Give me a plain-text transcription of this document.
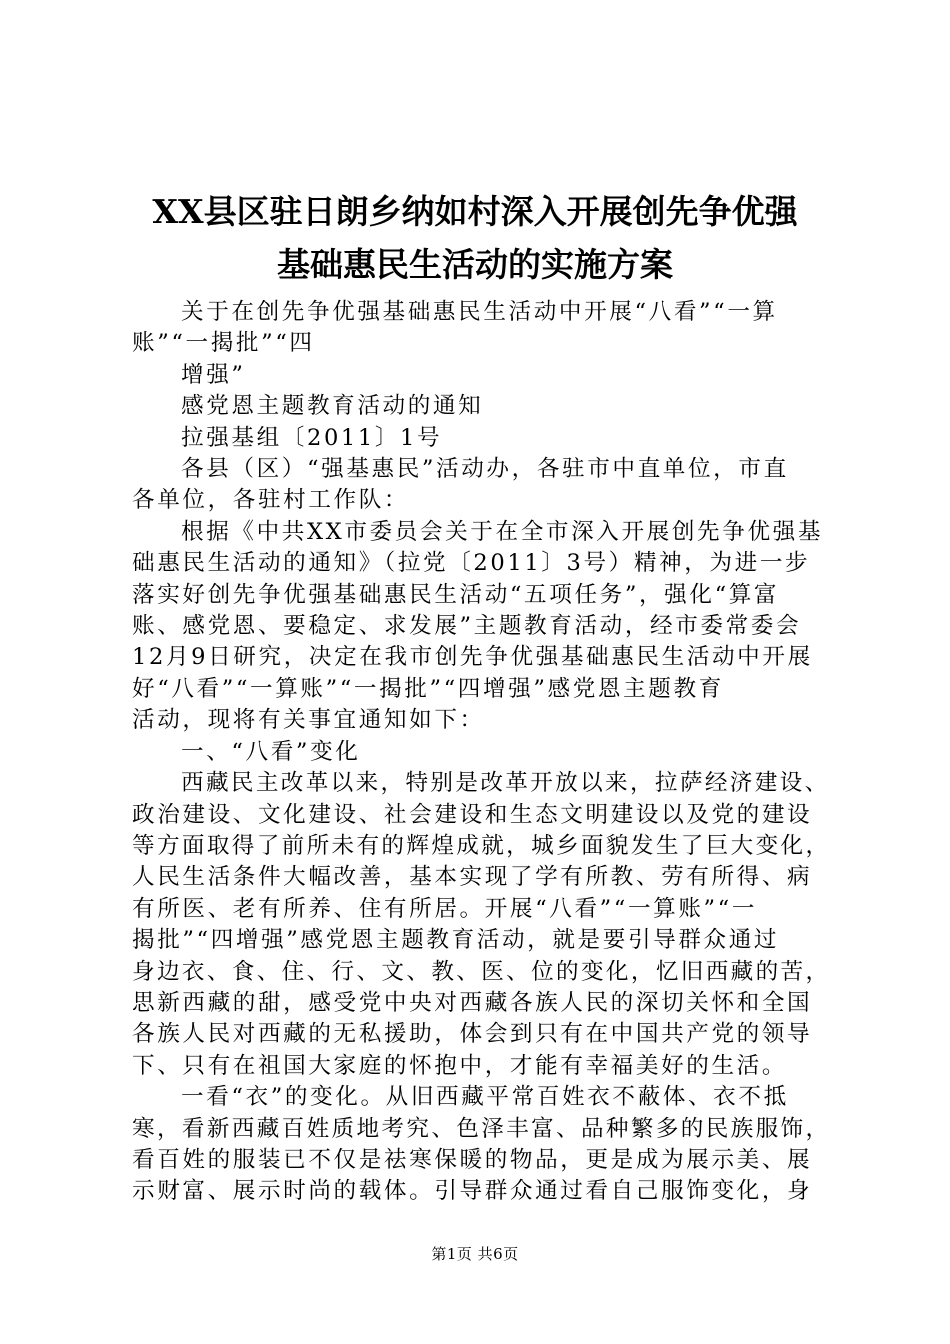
XX县区驻日朗乡纳如村深入开展创先争优强
基础惠民生活动的实施方案
关于在创先争优强基础惠民生活动中开展“八看”“一算
账”“一揭批”“四
增强”
感党恩主题教育活动的通知
拉强基组〔2011〕1号
各县（区）“强基惠民”活动办，各驻市中直单位，市直
各单位，各驻村工作队：
根据《中共XX市委员会关于在全市深入开展创先争优强基
础惠民生活动的通知》（拉党〔2011〕3号）精神，为进一步
落实好创先争优强基础惠民生活动“五项任务”，强化“算富
账、感党恩、要稳定、求发展”主题教育活动，经市委常委会
12月9日研究，决定在我市创先争优强基础惠民生活动中开展
好“八看”“一算账”“一揭批”“四增强”感党恩主题教育
活动，现将有关事宜通知如下：
一、“八看”变化
西藏民主改革以来，特别是改革开放以来，拉萨经济建设、
政治建设、文化建设、社会建设和生态文明建设以及党的建设
等方面取得了前所未有的辉煌成就，城乡面貌发生了巨大变化，
人民生活条件大幅改善，基本实现了学有所教、劳有所得、病
有所医、老有所养、住有所居。开展“八看”“一算账”“一
揭批”“四增强”感党恩主题教育活动，就是要引导群众通过
身边衣、食、住、行、文、教、医、位的变化，忆旧西藏的苦，
思新西藏的甜，感受党中央对西藏各族人民的深切关怀和全国
各族人民对西藏的无私援助，体会到只有在中国共产党的领导
下、只有在祖国大家庭的怀抱中，才能有幸福美好的生活。
一看“衣”的变化。从旧西藏平常百姓衣不蔽体、衣不抵
寒，看新西藏百姓质地考究、色泽丰富、品种繁多的民族服饰，
看百姓的服装已不仅是祛寒保暖的物品，更是成为展示美、展
示财富、展示时尚的载体。引导群众通过看自己服饰变化，身
第1页 共6页
